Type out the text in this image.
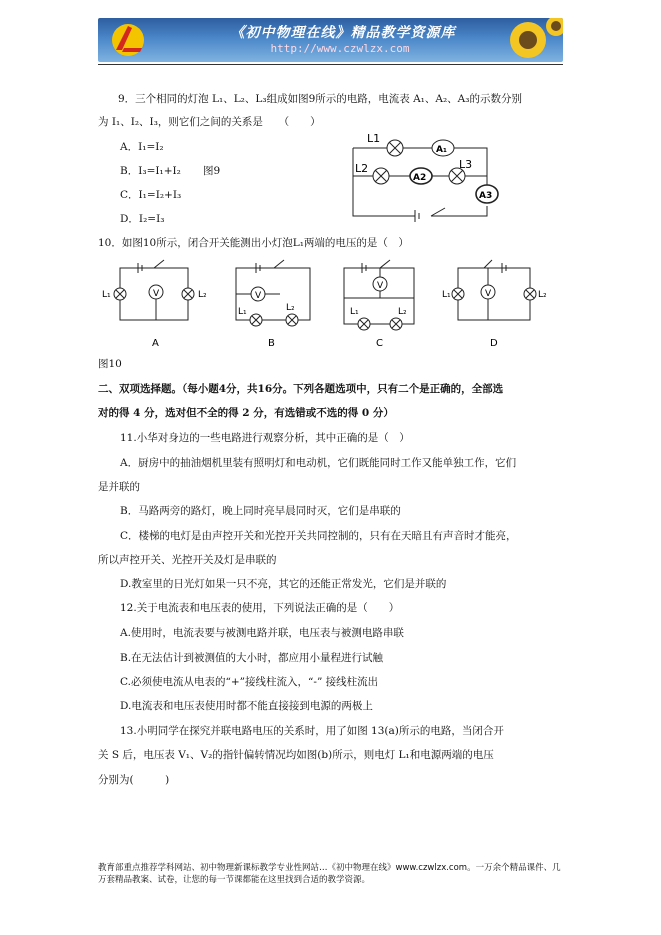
《初中物理在线》精品教学资源库
http://www.czwlzx.com
9．三个相同的灯泡 L₁、L₂、L₃组成如图9所示的电路，电流表 A₁、A₂、A₃的示数分别
为 I₁、I₂、I₃，则它们之间的关系是　　（　　）
A．I₁=I₂
B．I₃=I₁+I₂ 图9
C．I₁=I₂+I₃
D．I₂=I₃
L1
L2	L3
A₁
A2
A3
10．如图10所示，闭合开关能测出小灯泡L₁两端的电压的是（　）
L₁	L₂
V
L₁	L₂
V
L₁	L₂
V
L₁	L₂
V
A	B	C	D
图10
二、双项选择题。（每小题4分，共16分。下列各题选项中，只有二个是正确的，全部选
对的得 4 分，选对但不全的得 2 分，有选错或不选的得 0 分）
11.小华对身边的一些电路进行观察分析，其中正确的是（　）
A．厨房中的抽油烟机里装有照明灯和电动机，它们既能同时工作又能单独工作，它们
是并联的
B．马路两旁的路灯，晚上同时亮早晨同时灭，它们是串联的
C．楼梯的电灯是由声控开关和光控开关共同控制的，只有在天暗且有声音时才能亮，
所以声控开关、光控开关及灯是串联的
D.教室里的日光灯如果一只不亮，其它的还能正常发光，它们是并联的
12.关于电流表和电压表的使用，下列说法正确的是（　　）
A.使用时，电流表要与被测电路并联，电压表与被测电路串联
B.在无法估计到被测值的大小时，都应用小量程进行试触
C.必须使电流从电表的“+”接线柱流入，“-” 接线柱流出
D.电流表和电压表使用时都不能直接接到电源的两极上
13.小明同学在探究并联电路电压的关系时，用了如图 13(a)所示的电路，当闭合开
关 S 后，电压表 V₁、V₂的指针偏转情况均如图(b)所示，则电灯 L₁和电源两端的电压
分别为(　　　)
教育部重点推荐学科网站、初中物理新课标教学专业性网站…《初中物理在线》www.czwlzx.com。一万余个精品课件、几万套精品教案、试卷，让您的每一节课都能在这里找到合适的教学资源。
